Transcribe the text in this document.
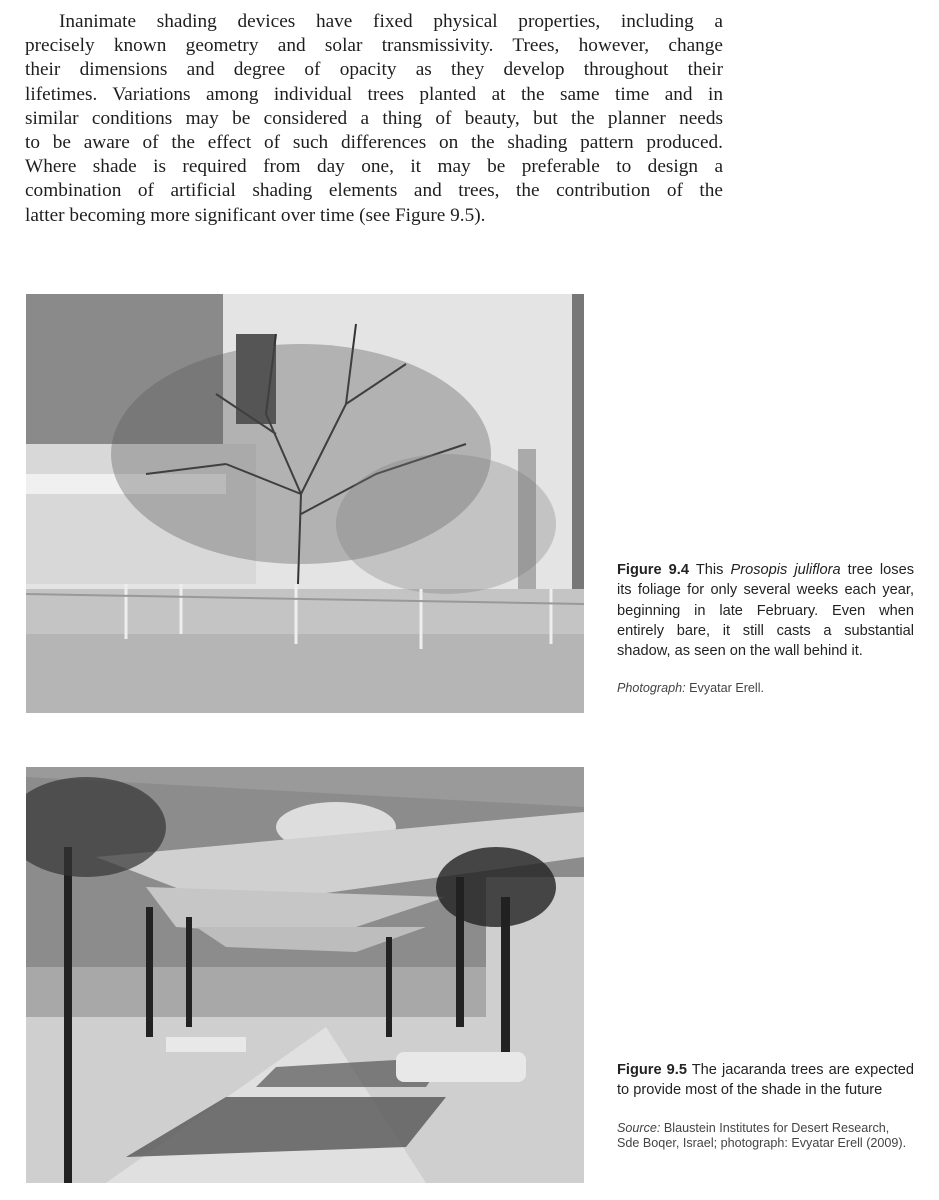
Inanimate shading devices have fixed physical properties, including a
precisely known geometry and solar transmissivity. Trees, however, change
their dimensions and degree of opacity as they develop throughout their
lifetimes. Variations among individual trees planted at the same time and in
similar conditions may be considered a thing of beauty, but the planner needs
to be aware of the effect of such differences on the shading pattern produced.
Where shade is required from day one, it may be preferable to design a
combination of artificial shading elements and trees, the contribution of the
latter becoming more significant over time (see Figure 9.5).
Figure 9.4 This Prosopis juliflora tree loses its foliage for only several weeks each year, beginning in late February. Even when entirely bare, it still casts a substantial shadow, as seen on the wall behind it.
Photograph: Evyatar Erell.
Figure 9.5 The jacaranda trees are expected to provide most of the shade in the future
Source: Blaustein Institutes for Desert Research, Sde Boqer, Israel; photograph: Evyatar Erell (2009).
